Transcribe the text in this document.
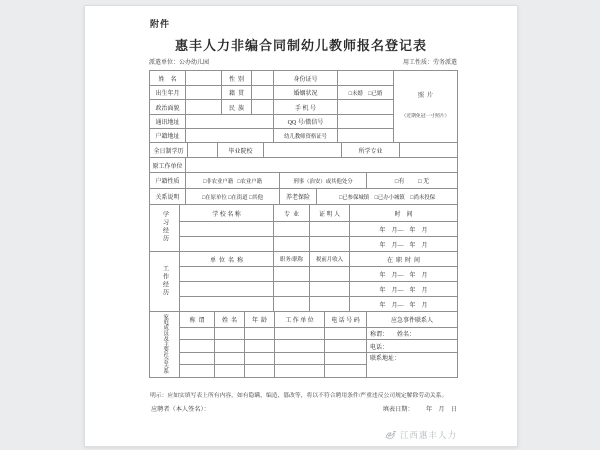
附件
惠丰人力非编合同制幼儿教师报名登记表
派遣单位：公办幼儿园	用工性质：劳务派遣
姓    名		性  别		身份证号		照  片

（近期免冠一寸照片）

出生年月		籍  贯		婚姻状况	□未婚    □已婚	
政治面貌		民  族		手 机 号		
通讯地址				QQ 号/微信号		
户籍地址				幼儿教师资格证号		
全日制学历		毕业院校		所学专业	
原工作单位	
户籍性质	□非农业户籍   □农业户籍	刑事（治安）或其他处分		□有         □ 无
关系说明	□在原单位 □在街道 □其他	养老保险	□已参保城镇    □已办小城镇    □尚未投保	
学习经历	学 校 名 称	专  业	证 明 人	时    间
				年    月—    年    月
				年    月—    年    月
工作经历	单  位  名  称	职务/职称	税前月收入	在  职  时  间
				年    月—    年    月
				年    月—    年    月
				年    月—    年    月
家庭成员及主要社会关系	称  谓	姓  名	年  龄	工 作 单 位	电 话 号 码	应急事件联系人
						称谓：      姓名：
						电话：
						联系地址：

明示：应如实填写表上所有内容，如有隐瞒、编造、篡改等，将以不符合聘用条件/严重违反公司规定解除劳动关系。
应聘者（本人签名）：	填表日期：        年    月    日
江西惠丰人力
